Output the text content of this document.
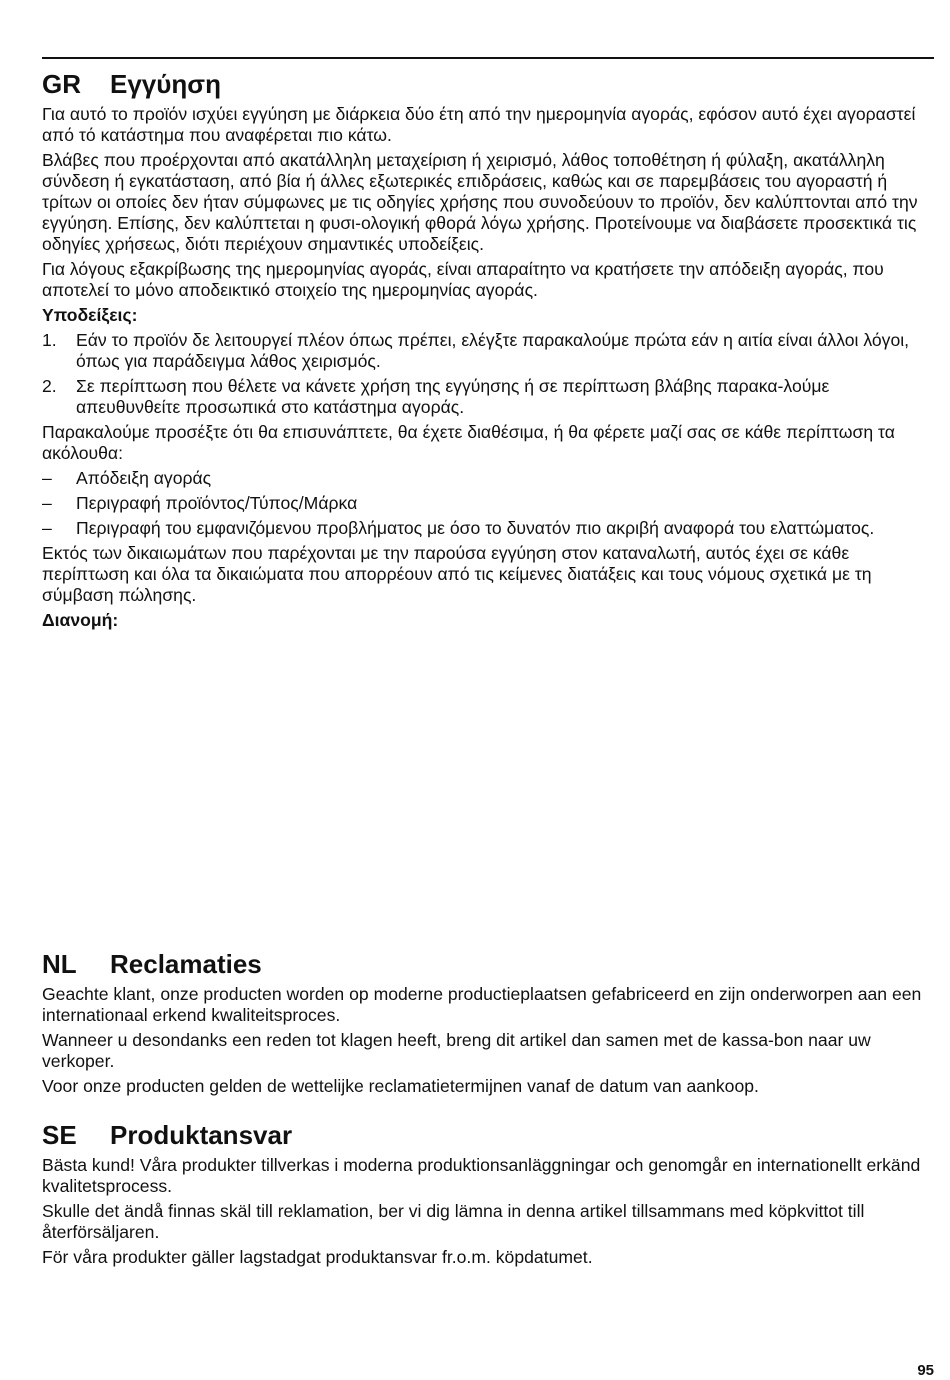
GR	Εγγύηση

Για αυτό το προϊόν ισχύει εγγύηση με διάρκεια δύο έτη από την ημερομηνία αγοράς, εφόσον αυτό έχει αγοραστεί από τό κατάστημα που αναφέρεται πιο κάτω.

Βλάβες που προέρχονται από ακατάλληλη μεταχείριση ή χειρισμό, λάθος τοποθέτηση ή φύλαξη, ακατάλληλη σύνδεση ή εγκατάσταση, από βία ή άλλες εξωτερικές επιδράσεις, καθώς και σε παρεμβάσεις του αγοραστή ή τρίτων οι οποίες δεν ήταν σύμφωνες με τις οδηγίες χρήσης που συνοδεύουν το προϊόν, δεν καλύπτονται από την εγγύηση. Επίσης, δεν καλύπτεται η φυσι-ολογική φθορά λόγω χρήσης. Προτείνουμε να διαβάσετε προσεκτικά τις οδηγίες χρήσεως, διότι περιέχουν σημαντικές υποδείξεις.

Για λόγους εξακρίβωσης της ημερομηνίας αγοράς, είναι απαραίτητο να κρατήσετε την απόδειξη αγοράς, που αποτελεί το μόνο αποδεικτικό στοιχείο της ημερομηνίας αγοράς.

Υποδείξεις:

1. Εάν το προϊόν δε λειτουργεί πλέον όπως πρέπει, ελέγξτε παρακαλούμε πρώτα εάν η αιτία είναι άλλοι λόγοι, όπως για παράδειγμα λάθος χειρισμός.
2. Σε περίπτωση που θέλετε να κάνετε χρήση της εγγύησης ή σε περίπτωση βλάβης παρακα-λούμε απευθυνθείτε προσωπικά στο κατάστημα αγοράς.

Παρακαλούμε προσέξτε ότι θα επισυνάπτετε, θα έχετε διαθέσιμα, ή θα φέρετε μαζί σας σε κάθε περίπτωση τα ακόλουθα:

– Απόδειξη αγοράς
– Περιγραφή προϊόντος/Τύπος/Μάρκα
– Περιγραφή του εμφανιζόμενου προβλήματος με όσο το δυνατόν πιο ακριβή αναφορά του ελαττώματος.

Εκτός των δικαιωμάτων που παρέχονται με την παρούσα εγγύηση στον καταναλωτή, αυτός έχει σε κάθε περίπτωση και όλα τα δικαιώματα που απορρέουν από τις κείμενες διατάξεις και τους νόμους σχετικά με τη σύμβαση πώλησης.

Διανομή:

NL	Reclamaties

Geachte klant, onze producten worden op moderne productieplaatsen gefabriceerd en zijn onderworpen aan een internationaal erkend kwaliteitsproces.

Wanneer u desondanks een reden tot klagen heeft, breng dit artikel dan samen met de kassa-bon naar uw verkoper.

Voor onze producten gelden de wettelijke reclamatietermijnen vanaf de datum van aankoop.

SE	Produktansvar

Bästa kund! Våra produkter tillverkas i moderna produktionsanläggningar och genomgår en internationellt erkänd kvalitetsprocess.

Skulle det ändå finnas skäl till reklamation, ber vi dig lämna in denna artikel tillsammans med köpkvittot till återförsäljaren.

För våra produkter gäller lagstadgat produktansvar fr.o.m. köpdatumet.

95
